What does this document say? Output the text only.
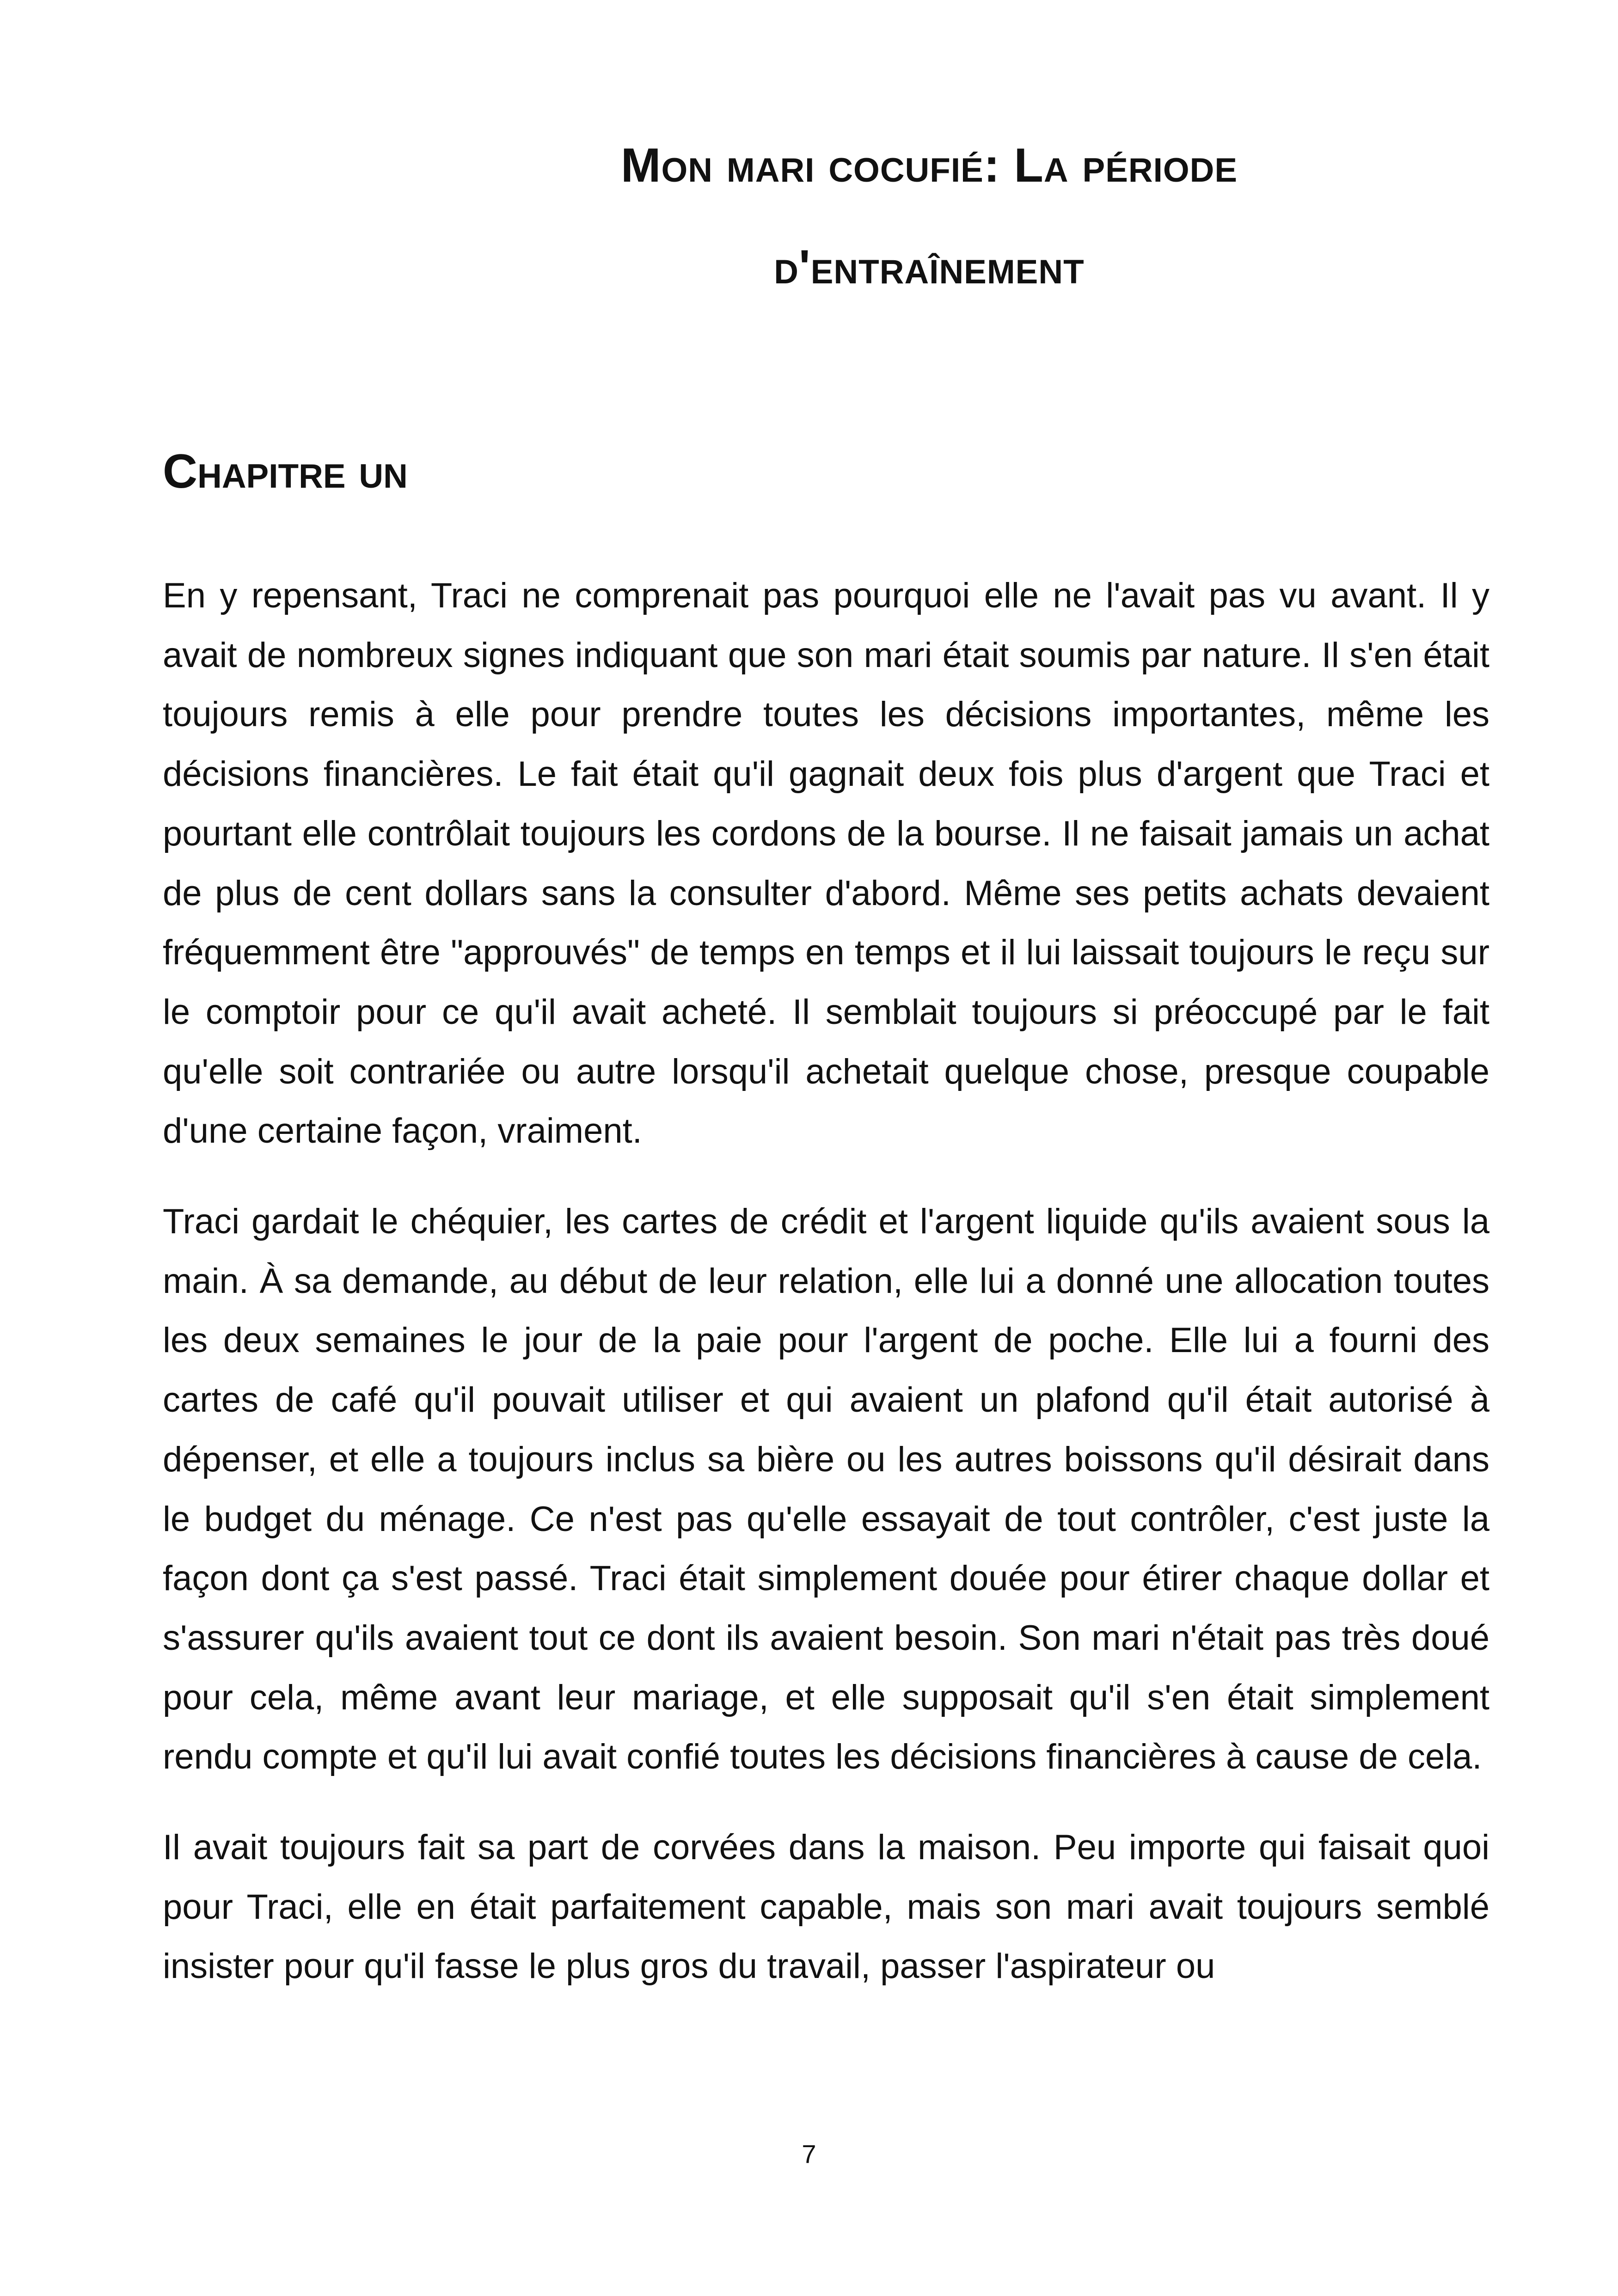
Mon mari cocufié: La période
d'entraînement
Chapitre un

En y repensant, Traci ne comprenait pas pourquoi elle ne l'avait pas vu avant. Il y avait de nombreux signes indiquant que son mari était soumis par nature. Il s'en était toujours remis à elle pour prendre toutes les décisions importantes, même les décisions financières. Le fait était qu'il gagnait deux fois plus d'argent que Traci et pourtant elle contrôlait toujours les cordons de la bourse. Il ne faisait jamais un achat de plus de cent dollars sans la consulter d'abord. Même ses petits achats devaient fréquemment être "approuvés" de temps en temps et il lui laissait toujours le reçu sur le comptoir pour ce qu'il avait acheté. Il semblait toujours si préoccupé par le fait qu'elle soit contrariée ou autre lorsqu'il achetait quelque chose, presque coupable d'une certaine façon, vraiment.

Traci gardait le chéquier, les cartes de crédit et l'argent liquide qu'ils avaient sous la main. À sa demande, au début de leur relation, elle lui a donné une allocation toutes les deux semaines le jour de la paie pour l'argent de poche. Elle lui a fourni des cartes de café qu'il pouvait utiliser et qui avaient un plafond qu'il était autorisé à dépenser, et elle a toujours inclus sa bière ou les autres boissons qu'il désirait dans le budget du ménage. Ce n'est pas qu'elle essayait de tout contrôler, c'est juste la façon dont ça s'est passé. Traci était simplement douée pour étirer chaque dollar et s'assurer qu'ils avaient tout ce dont ils avaient besoin. Son mari n'était pas très doué pour cela, même avant leur mariage, et elle supposait qu'il s'en était simplement rendu compte et qu'il lui avait confié toutes les décisions financières à cause de cela.

Il avait toujours fait sa part de corvées dans la maison. Peu importe qui faisait quoi pour Traci, elle en était parfaitement capable, mais son mari avait toujours semblé insister pour qu'il fasse le plus gros du travail, passer l'aspirateur ou

7
